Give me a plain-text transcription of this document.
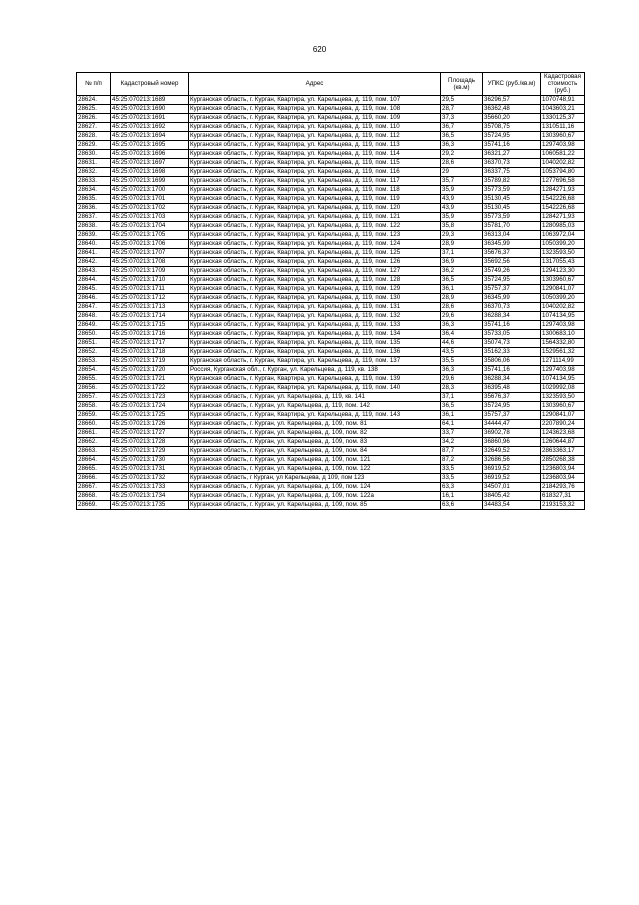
620
№ п/п	Кадастровый номер	Адрес	Площадь (кв.м)	УПКС (руб./кв.м)	Кадастровая стоимость (руб.)
28624.	45:25:070213:1689	Курганская область, г. Курган, Квартира, ул. Карельцева, д. 119, пом. 107	29,5	36296,57	1070748,91
28625.	45:25:070213:1690	Курганская область, г. Курган, Квартира, ул. Карельцева, д. 119, пом. 108	28,7	36362,48	1043603,21
28626.	45:25:070213:1691	Курганская область, г. Курган, Квартира, ул. Карельцева, д. 119, пом. 109	37,3	35660,20	1330125,37
28627.	45:25:070213:1692	Курганская область, г. Курган, Квартира, ул. Карельцева, д. 119, пом. 110	36,7	35708,75	1310511,16
28628.	45:25:070213:1694	Курганская область, г. Курган, Квартира, ул. Карельцева, д. 119, пом. 112	36,5	35724,95	1303960,67
28629.	45:25:070213:1695	Курганская область, г. Курган, Квартира, ул. Карельцева, д. 119, пом. 113	36,3	35741,16	1297403,98
28630.	45:25:070213:1696	Курганская область, г. Курган, Квартира, ул. Карельцева, д. 119, пом. 114	29,2	36321,27	1060581,22
28631.	45:25:070213:1697	Курганская область, г. Курган, Квартира, ул. Карельцева, д. 119, пом. 115	28,6	36370,73	1040202,82
28632.	45:25:070213:1698	Курганская область, г. Курган, Квартира, ул. Карельцева, д. 119, пом. 116	29	36337,75	1053794,80
28633.	45:25:070213:1699	Курганская область, г. Курган, Квартира, ул. Карельцева, д. 119, пом. 117	35,7	35789,82	1277696,58
28634.	45:25:070213:1700	Курганская область, г. Курган, Квартира, ул. Карельцева, д. 119, пом. 118	35,9	35773,59	1284271,93
28635.	45:25:070213:1701	Курганская область, г. Курган, Квартира, ул. Карельцева, д. 119, пом. 119	43,9	35130,45	1542226,68
28636.	45:25:070213:1702	Курганская область, г. Курган, Квартира, ул. Карельцева, д. 119, пом. 120	43,9	35130,45	1542226,68
28637.	45:25:070213:1703	Курганская область, г. Курган, Квартира, ул. Карельцева, д. 119, пом. 121	35,9	35773,59	1284271,93
28638.	45:25:070213:1704	Курганская область, г. Курган, Квартира, ул. Карельцева, д. 119, пом. 122	35,8	35781,70	1280985,03
28639.	45:25:070213:1705	Курганская область, г. Курган, Квартира, ул. Карельцева, д. 119, пом. 123	29,3	36313,04	1063972,04
28640.	45:25:070213:1706	Курганская область, г. Курган, Квартира, ул. Карельцева, д. 119, пом. 124	28,9	36345,99	1050399,20
28641.	45:25:070213:1707	Курганская область, г. Курган, Квартира, ул. Карельцева, д. 119, пом. 125	37,1	35676,37	1323593,50
28642.	45:25:070213:1708	Курганская область, г. Курган, Квартира, ул. Карельцева, д. 119, пом. 126	36,9	35692,56	1317055,43
28643.	45:25:070213:1709	Курганская область, г. Курган, Квартира, ул. Карельцева, д. 119, пом. 127	36,2	35749,26	1294123,30
28644.	45:25:070213:1710	Курганская область, г. Курган, Квартира, ул. Карельцева, д. 119, пом. 128	36,5	35724,95	1303960,67
28645.	45:25:070213:1711	Курганская область, г. Курган, Квартира, ул. Карельцева, д. 119, пом. 129	36,1	35757,37	1290841,07
28646.	45:25:070213:1712	Курганская область, г. Курган, Квартира, ул. Карельцева, д. 119, пом. 130	28,9	36345,99	1050399,20
28647.	45:25:070213:1713	Курганская область, г. Курган, Квартира, ул. Карельцева, д. 119, пом. 131	28,6	36370,73	1040202,82
28648.	45:25:070213:1714	Курганская область, г. Курган, Квартира, ул. Карельцева, д. 119, пом. 132	29,6	36288,34	1074134,95
28649.	45:25:070213:1715	Курганская область, г. Курган, Квартира, ул. Карельцева, д. 119, пом. 133	36,3	35741,16	1297403,98
28650.	45:25:070213:1716	Курганская область, г. Курган, Квартира, ул. Карельцева, д. 119, пом. 134	36,4	35733,05	1300683,10
28651.	45:25:070213:1717	Курганская область, г. Курган, Квартира, ул. Карельцева, д. 119, пом. 135	44,6	35074,73	1564332,80
28652.	45:25:070213:1718	Курганская область, г. Курган, Квартира, ул. Карельцева, д. 119, пом. 136	43,5	35162,33	1529561,32
28653.	45:25:070213:1719	Курганская область, г. Курган, Квартира, ул. Карельцева, д. 119, пом. 137	35,5	35806,06	1271114,99
28654.	45:25:070213:1720	Россия, Курганская обл., г. Курган, ул. Карельцева, д. 119, кв. 138	36,3	35741,16	1297403,98
28655.	45:25:070213:1721	Курганская область, г. Курган, Квартира, ул. Карельцева, д. 119, пом. 139	29,6	36288,34	1074134,95
28656.	45:25:070213:1722	Курганская область, г. Курган, Квартира, ул. Карельцева, д. 119, пом. 140	28,3	36395,48	1029992,08
28657.	45:25:070213:1723	Курганская область, г. Курган, ул. Карельцева, д. 119, кв. 141	37,1	35676,37	1323593,50
28658.	45:25:070213:1724	Курганская область, г. Курган, ул. Карельцева, д. 119, пом. 142	36,5	35724,95	1303960,67
28659.	45:25:070213:1725	Курганская область, г. Курган, Квартира, ул. Карельцева, д. 119, пом. 143	36,1	35757,37	1290841,07
28660.	45:25:070213:1726	Курганская область, г. Курган, ул. Карельцева, д. 109, пом. 81	64,1	34444,47	2207890,24
28661.	45:25:070213:1727	Курганская область, г. Курган, ул. Карельцева, д. 109, пом. 82	33,7	36902,78	1243623,68
28662.	45:25:070213:1728	Курганская область, г. Курган, ул. Карельцева, д. 109, пом. 83	34,2	36860,96	1260644,87
28663.	45:25:070213:1729	Курганская область, г. Курган, ул. Карельцева, д. 109, пом. 84	87,7	32649,52	2863363,17
28664.	45:25:070213:1730	Курганская область, г. Курган, ул. Карельцева, д. 109, пом. 121	87,2	32686,56	2850268,38
28665.	45:25:070213:1731	Курганская область, г. Курган, ул. Карельцева, д. 109, пом. 122	33,5	36919,52	1236803,94
28666.	45:25:070213:1732	Курганская область, г Курган, ул Карельцева, д 109, пом 123	33,5	36919,52	1236803,94
28667.	45:25:070213:1733	Курганская область, г. Курган, ул. Карельцева, д. 109, пом. 124	63,3	34507,01	2184293,76
28668.	45:25:070213:1734	Курганская область, г. Курган, ул. Карельцева, д. 109, пом. 122а	16,1	38405,42	618327,31
28669.	45:25:070213:1735	Курганская область, г. Курган, ул. Карельцева, д. 109, пом. 85	63,6	34483,54	2193153,32
